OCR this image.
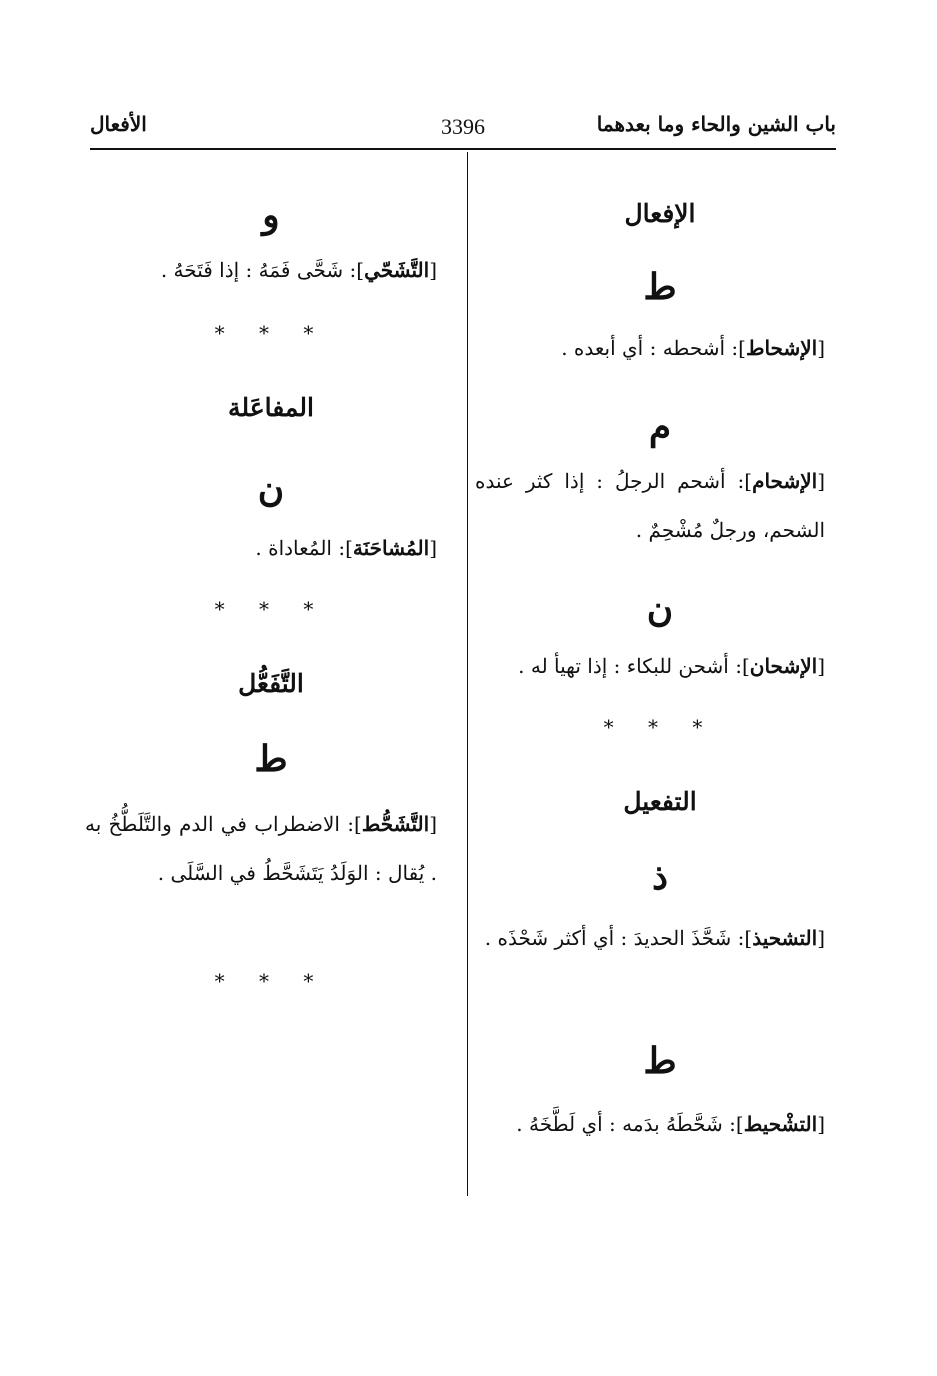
باب الشين والحاء وما بعدهما
3396
الأفعال
الإفعال
ط
[الإشحاط]: أشحطه : أي أبعده .
م
[الإشحام]: أشحم الرجلُ : إذا كثر عنده الشحم، ورجلٌ مُشْحِمٌ .
ن
[الإشحان]: أشحن للبكاء : إذا تهيأ له .
* * *
التفعيل
ذ
[التشحيذ]: شَحَّذَ الحديدَ : أي أكثر شَحْذَه .
ط
[التشْحيط]: شَحَّطَهُ بدَمه : أي لَطَّخَهُ .
و
[التَّشَحّي]: شَحَّى فَمَهُ : إذا فَتَحَهُ .
* * *
المفاعَلة
ن
[المُشاحَنَة]: المُعاداة .
* * *
التَّفَعُّل
ط
[التَّشَحُّط]: الاضطراب في الدم والتَّلَطُّخُ به . يُقال : الوَلَدُ يَتَشَحَّطُ في السَّلَى .
* * *
